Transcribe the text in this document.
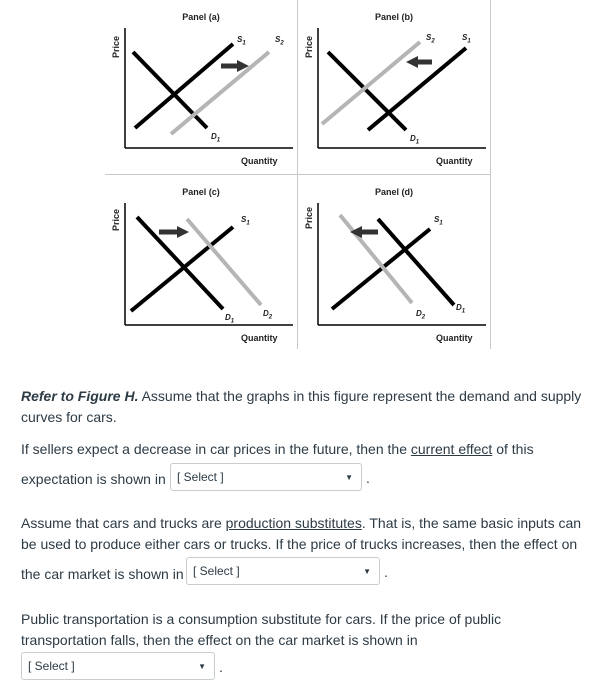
Panel (a)
Price	$S_1$	$S_2$
$D_1$
Quantity
Panel (b)
Price	$S_2$	$S_1$
$D_1$
Quantity
Panel (c)
Price	$S_1$
$D_1$
$D_2$
Quantity
Panel (d)
Price	$S_1$
$D_2$
$D_1$
Quantity
Refer to Figure H. Assume that the graphs in this figure represent the demand and supply
curves for cars.
If sellers expect a decrease in car prices in the future, then the current effect of this
expectation is shown in [ Select ]	▼ .
Assume that cars and trucks are production substitutes. That is, the same basic inputs can
be used to produce either cars or trucks. If the price of trucks increases, then the effect on
the car market is shown in [ Select ]	▼ .
Public transportation is a consumption substitute for cars. If the price of public
transportation falls, then the effect on the car market is shown in
[ Select ]	▼ .
